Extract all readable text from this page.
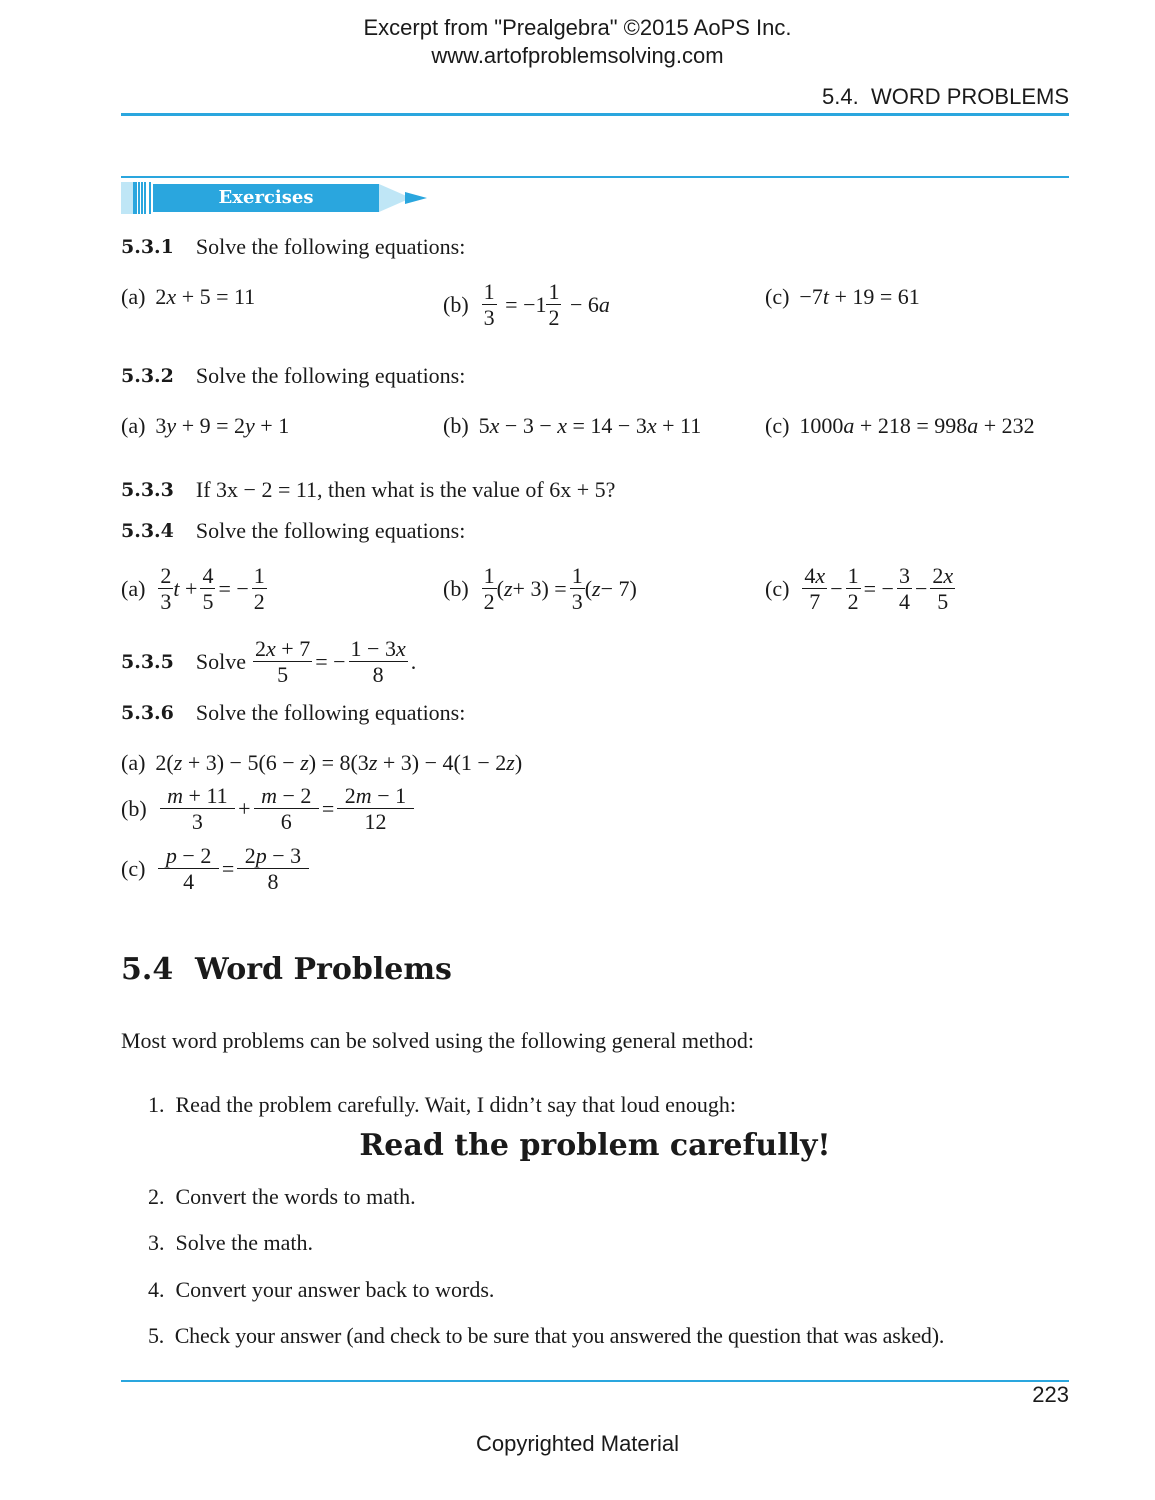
Excerpt from "Prealgebra" ©2015 AoPS Inc.
www.artofproblemsolving.com
5.4.  WORD PROBLEMS
Exercises
5.3.1 Solve the following equations:
(a) 2x + 5 = 11	$(b) \frac{1}{3} = -1 \frac{1}{2} - 6$ a	(c) −7t + 19 = 61
5.3.2 Solve the following equations:
(a) 3y + 9 = 2y + 1	(b) 5x − 3 − x = 14 − 3x + 11	(c) 1000a + 218 = 998a + 232
5.3.3 If 3x − 2 = 11, then what is the value of 6x + 5?
5.3.4 Solve the following equations:
$(a) \frac{2}{3}$ $t + \frac{4}{5}$ = − $\frac{1}{2}$	$(b) \frac{1}{2}$ ( $z + 3) = \frac{1}{3}$ ( z − 7)	$(c) \frac{4x}{7} - \frac{1}{2}$ = − $\frac{3}{4} - \frac{2x}{5}$
5.3.5 Solve $\frac{2x + 7}{5}$ = − $\frac{1 - 3x}{8}$ .
5.3.6 Solve the following equations:
(a) 2(z + 3) − 5(6 − z) = 8(3z + 3) − 4(1 − 2z)
$(b) \frac{m + 11}{3} + \frac{m - 2}{6} = \frac{2m - 1}{12}$
$(c) \frac{p - 2}{4} = \frac{2p - 3}{8}$
5.4 Word Problems
Most word problems can be solved using the following general method:
1.  Read the problem carefully. Wait, I didn’t say that loud enough:
Read the problem carefully!
2.  Convert the words to math.
3.  Solve the math.
4.  Convert your answer back to words.
5.  Check your answer (and check to be sure that you answered the question that was asked).
223
Copyrighted Material
